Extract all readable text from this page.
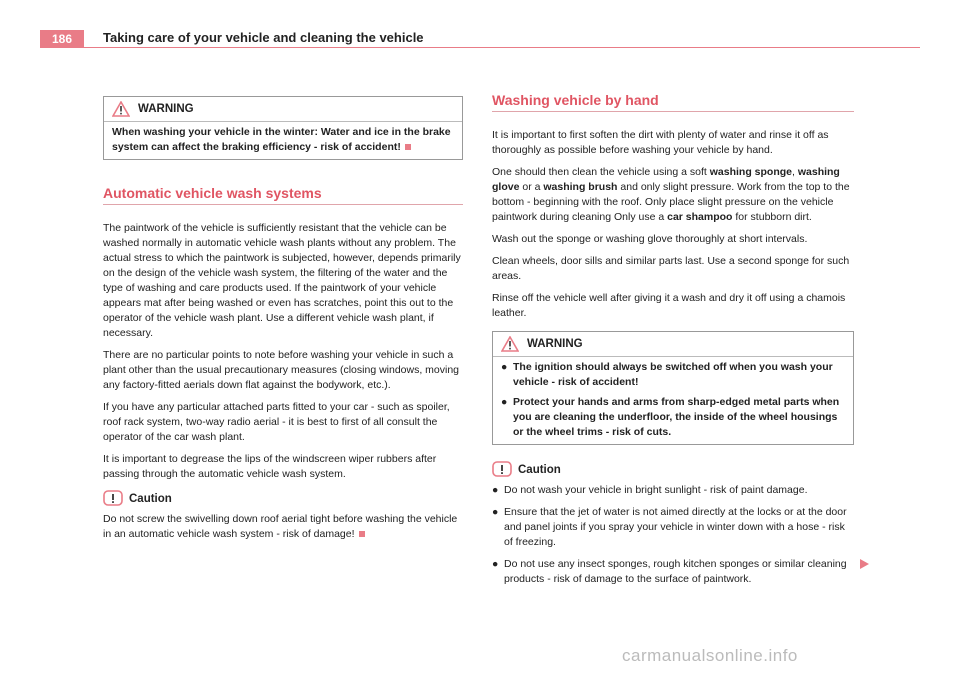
186	Taking care of your vehicle and cleaning the vehicle
WARNING
When washing your vehicle in the winter: Water and ice in the brake system can affect the braking efficiency - risk of accident!
Automatic vehicle wash systems

The paintwork of the vehicle is sufficiently resistant that the vehicle can be washed normally in automatic vehicle wash plants without any problem. The actual stress to which the paintwork is subjected, however, depends primarily on the design of the vehicle wash system, the filtering of the water and the type of washing and care products used. If the paintwork of your vehicle appears mat after being washed or even has scratches, point this out to the operator of the vehicle wash plant. Use a different vehicle wash plant, if necessary.

There are no particular points to note before washing your vehicle in such a plant other than the usual precautionary measures (closing windows, moving any factory-fitted aerials down flat against the bodywork, etc.).

If you have any particular attached parts fitted to your car - such as spoiler, roof rack system, two-way radio aerial - it is best to first of all consult the operator of the car wash plant.

It is important to degrease the lips of the windscreen wiper rubbers after passing through the automatic vehicle wash system.

Caution

Do not screw the swivelling down roof aerial tight before washing the vehicle in an automatic vehicle wash system - risk of damage!

Washing vehicle by hand

It is important to first soften the dirt with plenty of water and rinse it off as thoroughly as possible before washing your vehicle by hand.

One should then clean the vehicle using a soft washing sponge, washing glove or a washing brush and only slight pressure. Work from the top to the bottom - beginning with the roof. Only place slight pressure on the vehicle paintwork during cleaning Only use a car shampoo for stubborn dirt.

Wash out the sponge or washing glove thoroughly at short intervals.

Clean wheels, door sills and similar parts last. Use a second sponge for such areas.

Rinse off the vehicle well after giving it a wash and dry it off using a chamois leather.

WARNING

● The ignition should always be switched off when you wash your vehicle - risk of accident!

● Protect your hands and arms from sharp-edged metal parts when you are cleaning the underfloor, the inside of the wheel housings or the wheel trims - risk of cuts.

Caution

● Do not wash your vehicle in bright sunlight - risk of paint damage.

● Ensure that the jet of water is not aimed directly at the locks or at the door and panel joints if you spray your vehicle in winter down with a hose - risk of freezing.

● Do not use any insect sponges, rough kitchen sponges or similar cleaning products - risk of damage to the surface of paintwork.

carmanualsonline.info
